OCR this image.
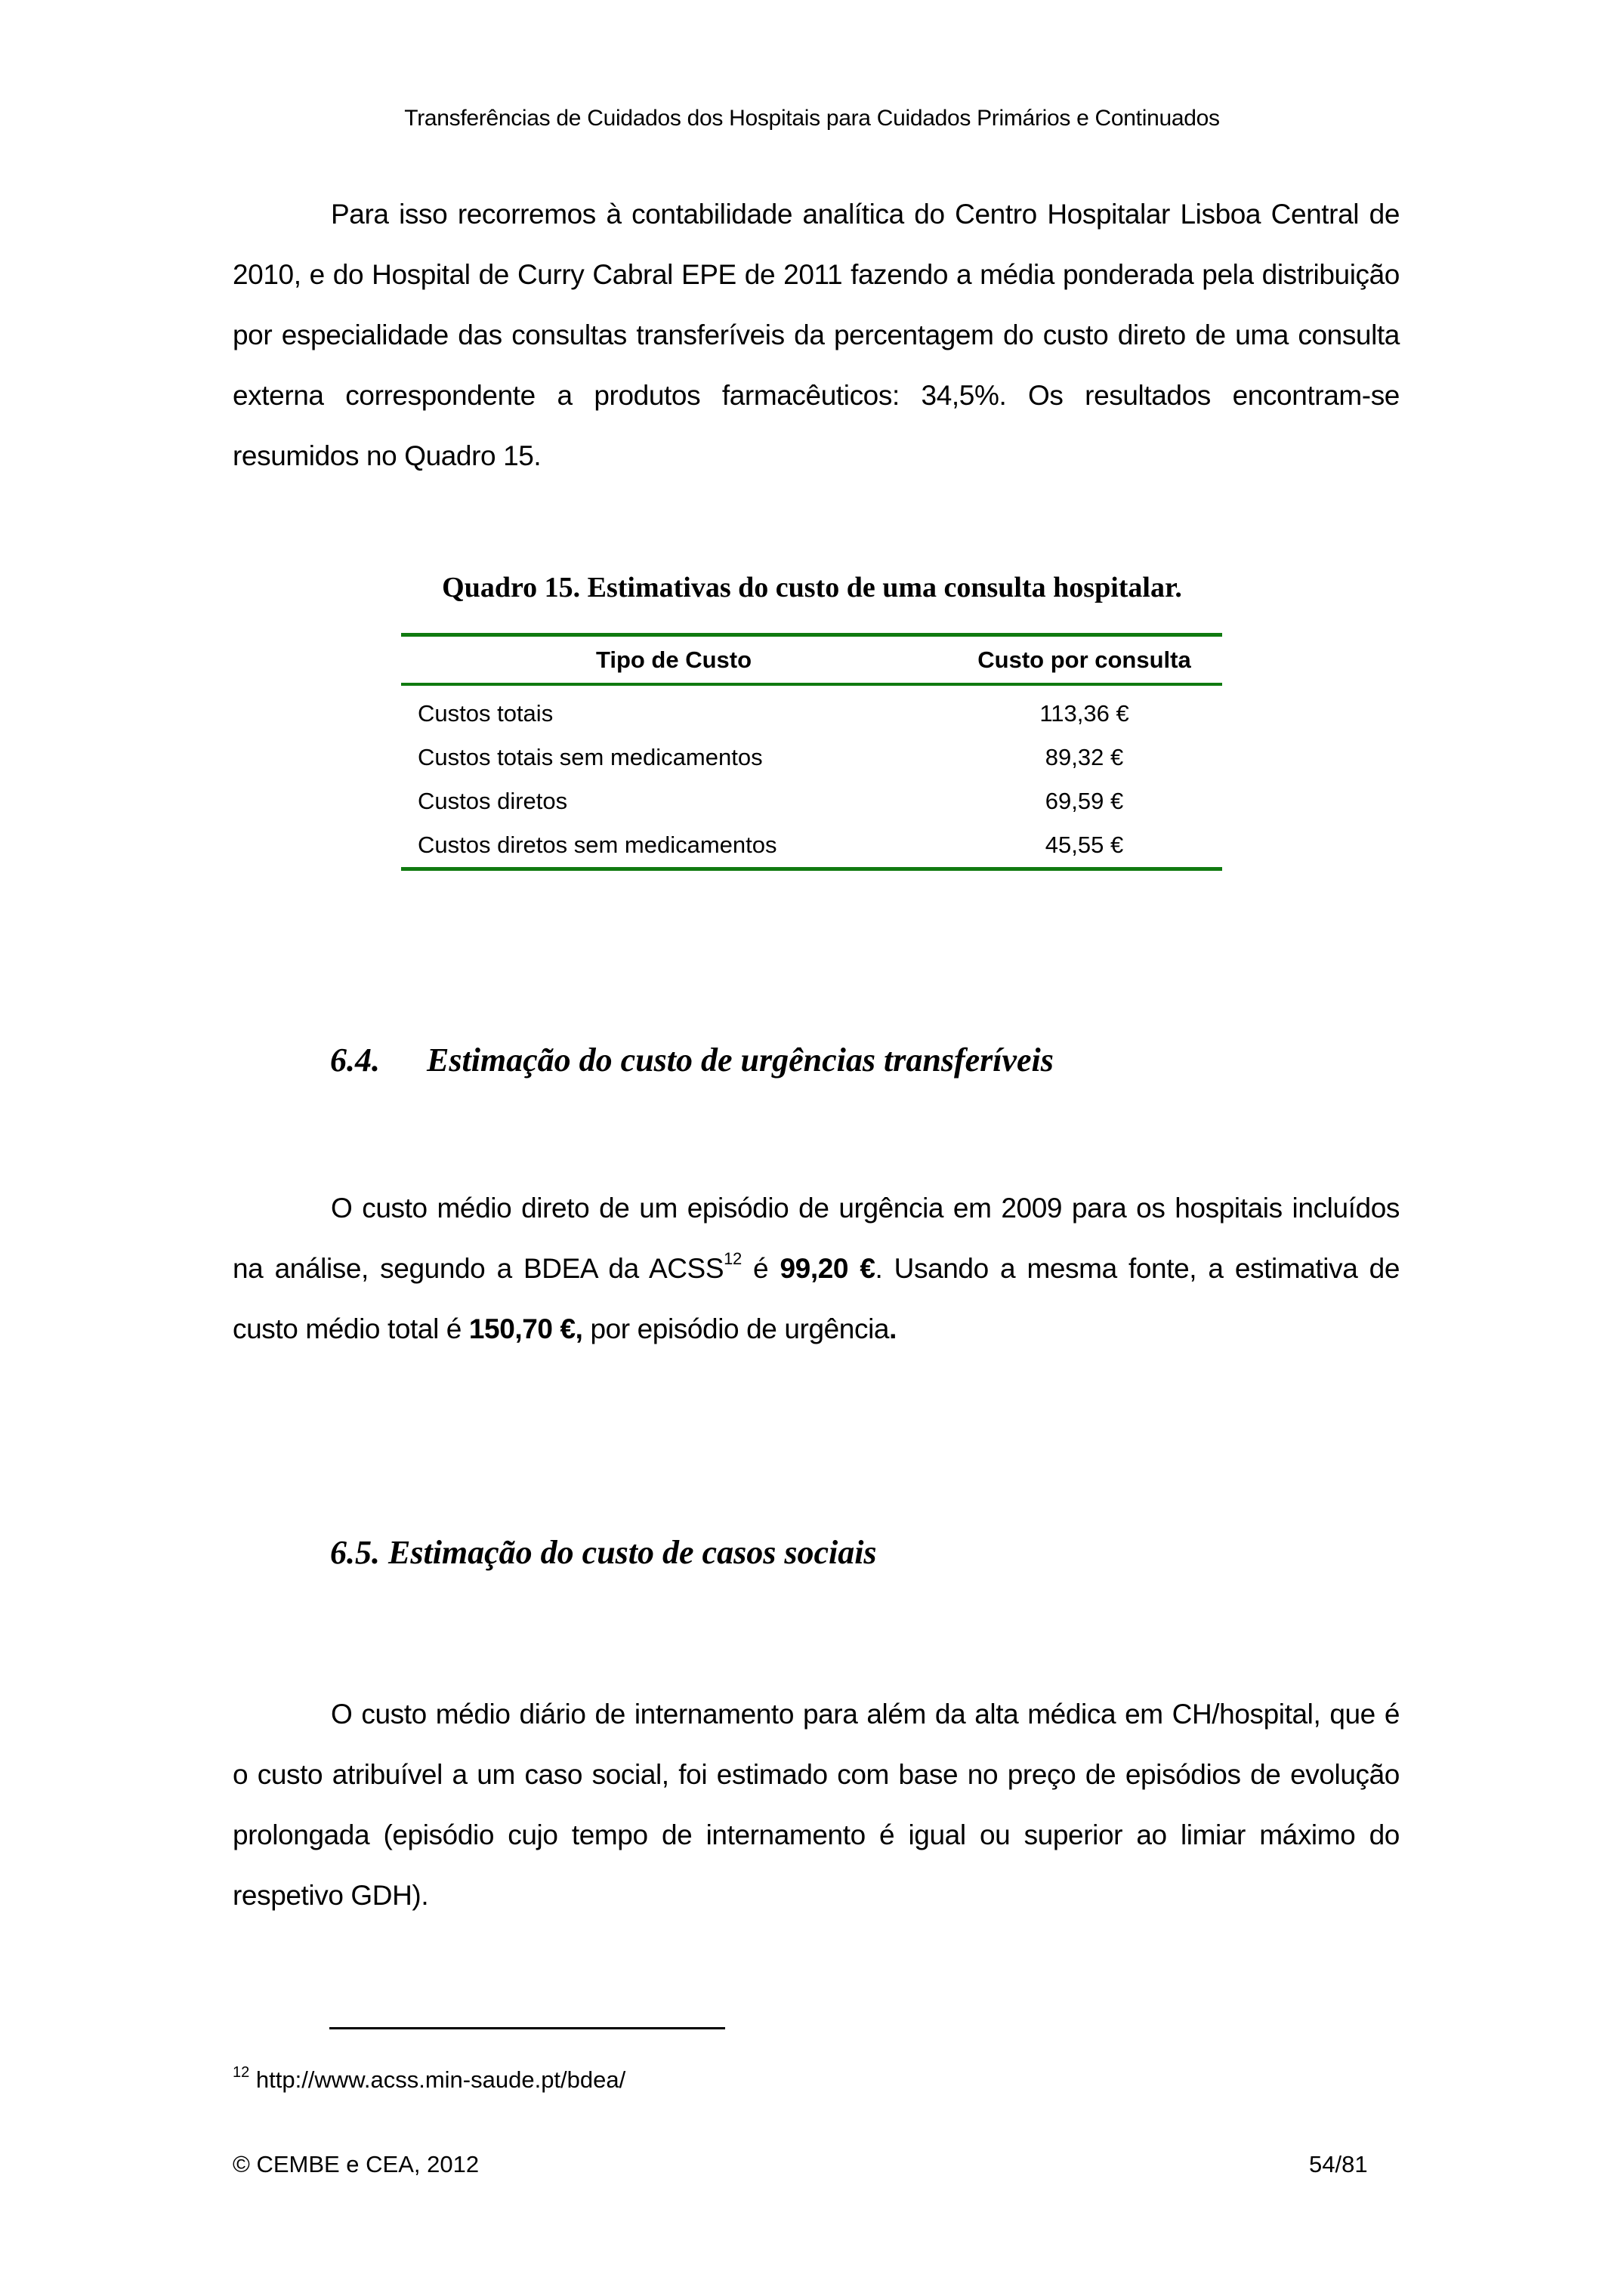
Transferências de Cuidados dos Hospitais para Cuidados Primários e Continuados

Para isso recorremos à contabilidade analítica do Centro Hospitalar Lisboa Central de 2010, e do Hospital de Curry Cabral EPE de 2011 fazendo a média ponderada pela distribuição por especialidade das consultas transferíveis da percentagem do custo direto de uma consulta externa correspondente a produtos farmacêuticos: 34,5%. Os resultados encontram-se resumidos no Quadro 15.

Quadro 15. Estimativas do custo de uma consulta hospitalar.
Tipo de Custo	Custo por consulta
Custos totais	113,36 €
Custos totais sem medicamentos	89,32 €
Custos diretos	69,59 €
Custos diretos sem medicamentos	45,55 €
6.4. Estimação do custo de urgências transferíveis

O custo médio direto de um episódio de urgência em 2009 para os hospitais incluídos na análise, segundo a BDEA da ACSS$^{12}$ é 99,20 €. Usando a mesma fonte, a estimativa de custo médio total é 150,70 €, por episódio de urgência.

6.5. Estimação do custo de casos sociais

O custo médio diário de internamento para além da alta médica em CH/hospital, que é o custo atribuível a um caso social, foi estimado com base no preço de episódios de evolução prolongada (episódio cujo tempo de internamento é igual ou superior ao limiar máximo do respetivo GDH).

$^{12}$ http://www.acss.min-saude.pt/bdea/
© CEMBE e CEA, 2012	54/81
